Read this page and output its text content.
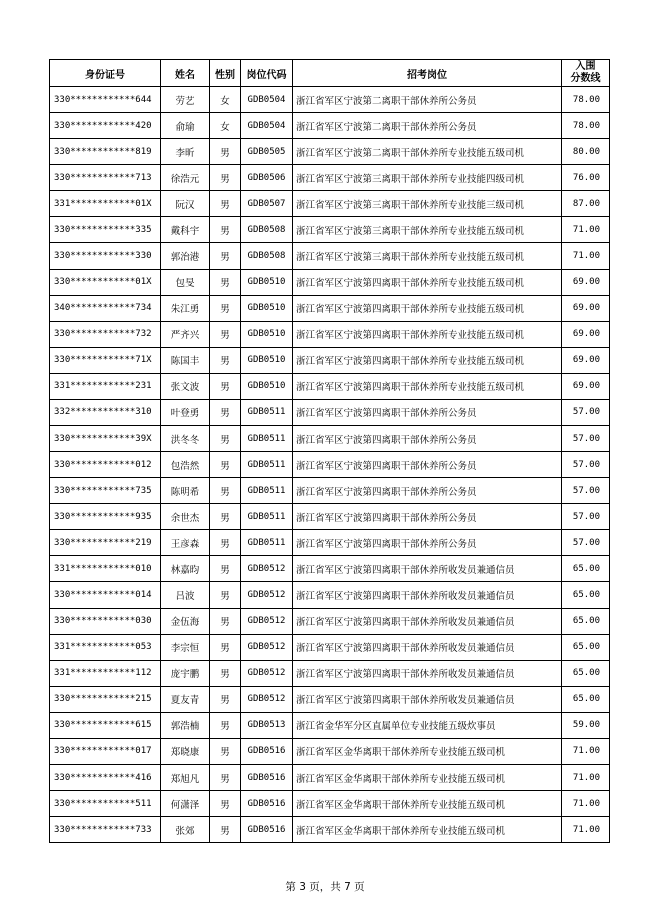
身份证号	姓名	性别	岗位代码	招考岗位	入围
分数线

330************644	劳艺	女	GDB0504	浙江省军区宁波第二离职干部休养所公务员	78.00
330************420	俞瑜	女	GDB0504	浙江省军区宁波第二离职干部休养所公务员	78.00
330************819	李昕	男	GDB0505	浙江省军区宁波第二离职干部休养所专业技能五级司机	80.00
330************713	徐浩元	男	GDB0506	浙江省军区宁波第三离职干部休养所专业技能四级司机	76.00
331************01X	阮汉	男	GDB0507	浙江省军区宁波第三离职干部休养所专业技能三级司机	87.00
330************335	戴科宇	男	GDB0508	浙江省军区宁波第三离职干部休养所专业技能五级司机	71.00
330************330	郭治港	男	GDB0508	浙江省军区宁波第三离职干部休养所专业技能五级司机	71.00
330************01X	包旻	男	GDB0510	浙江省军区宁波第四离职干部休养所专业技能五级司机	69.00
340************734	朱江勇	男	GDB0510	浙江省军区宁波第四离职干部休养所专业技能五级司机	69.00
330************732	严齐兴	男	GDB0510	浙江省军区宁波第四离职干部休养所专业技能五级司机	69.00
330************71X	陈国丰	男	GDB0510	浙江省军区宁波第四离职干部休养所专业技能五级司机	69.00
331************231	张文波	男	GDB0510	浙江省军区宁波第四离职干部休养所专业技能五级司机	69.00
332************310	叶登勇	男	GDB0511	浙江省军区宁波第四离职干部休养所公务员	57.00
330************39X	洪冬冬	男	GDB0511	浙江省军区宁波第四离职干部休养所公务员	57.00
330************012	包浩然	男	GDB0511	浙江省军区宁波第四离职干部休养所公务员	57.00
330************735	陈明希	男	GDB0511	浙江省军区宁波第四离职干部休养所公务员	57.00
330************935	余世杰	男	GDB0511	浙江省军区宁波第四离职干部休养所公务员	57.00
330************219	王彦森	男	GDB0511	浙江省军区宁波第四离职干部休养所公务员	57.00
331************010	林嘉昀	男	GDB0512	浙江省军区宁波第四离职干部休养所收发员兼通信员	65.00
330************014	吕波	男	GDB0512	浙江省军区宁波第四离职干部休养所收发员兼通信员	65.00
330************030	金伍海	男	GDB0512	浙江省军区宁波第四离职干部休养所收发员兼通信员	65.00
331************053	李宗恒	男	GDB0512	浙江省军区宁波第四离职干部休养所收发员兼通信员	65.00
331************112	庞宇鹏	男	GDB0512	浙江省军区宁波第四离职干部休养所收发员兼通信员	65.00
330************215	夏友青	男	GDB0512	浙江省军区宁波第四离职干部休养所收发员兼通信员	65.00
330************615	郭浩楠	男	GDB0513	浙江省金华军分区直属单位专业技能五级炊事员	59.00
330************017	郑晓康	男	GDB0516	浙江省军区金华离职干部休养所专业技能五级司机	71.00
330************416	郑旭凡	男	GDB0516	浙江省军区金华离职干部休养所专业技能五级司机	71.00
330************511	何潇泽	男	GDB0516	浙江省军区金华离职干部休养所专业技能五级司机	71.00
330************733	张郊	男	GDB0516	浙江省军区金华离职干部休养所专业技能五级司机	71.00
第 3 页，共 7 页
